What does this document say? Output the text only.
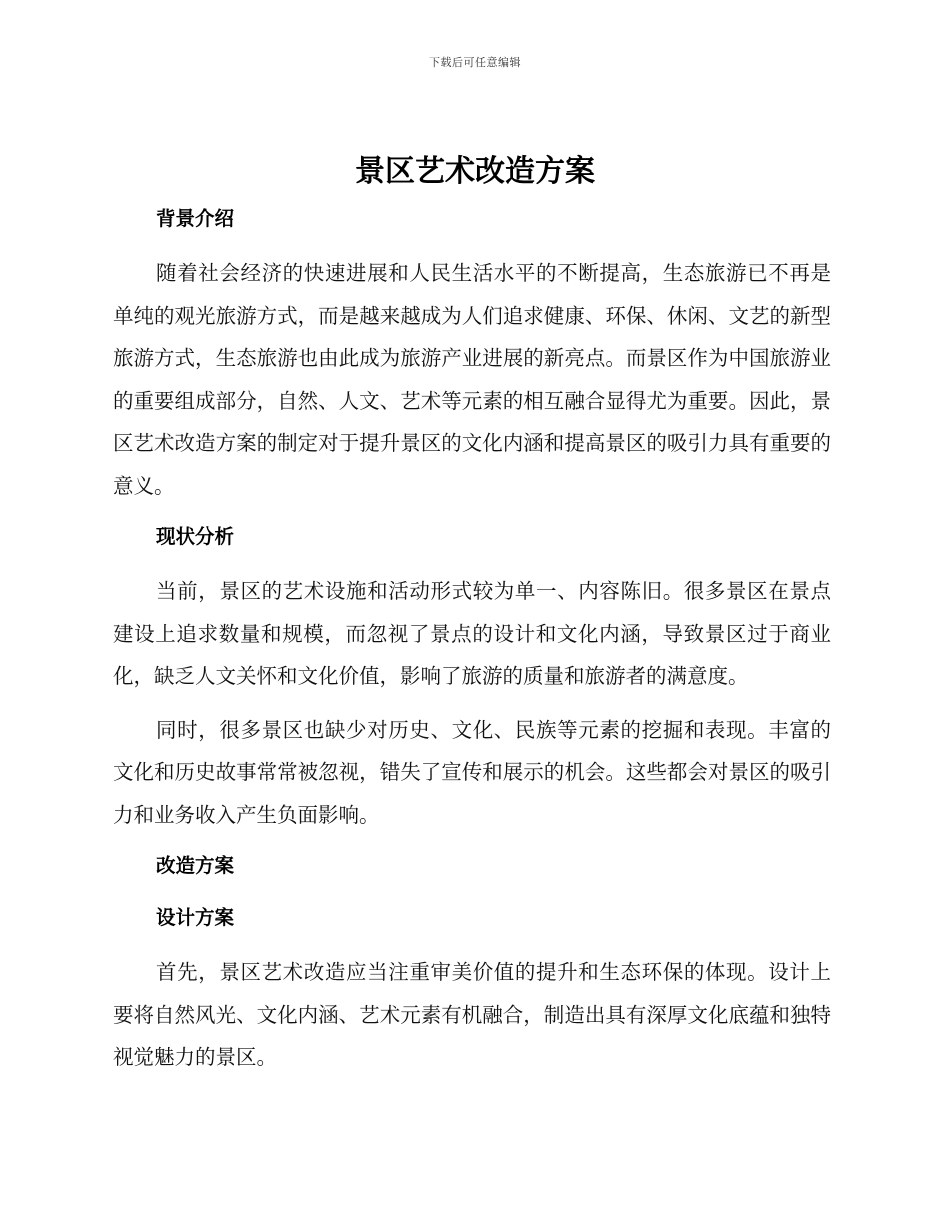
下载后可任意编辑
景区艺术改造方案
背景介绍
随着社会经济的快速进展和人民生活水平的不断提高，生态旅游已不再是单纯的观光旅游方式，而是越来越成为人们追求健康、环保、休闲、文艺的新型旅游方式，生态旅游也由此成为旅游产业进展的新亮点。而景区作为中国旅游业的重要组成部分，自然、人文、艺术等元素的相互融合显得尤为重要。因此，景区艺术改造方案的制定对于提升景区的文化内涵和提高景区的吸引力具有重要的意义。
现状分析
当前，景区的艺术设施和活动形式较为单一、内容陈旧。很多景区在景点建设上追求数量和规模，而忽视了景点的设计和文化内涵，导致景区过于商业化，缺乏人文关怀和文化价值，影响了旅游的质量和旅游者的满意度。
同时，很多景区也缺少对历史、文化、民族等元素的挖掘和表现。丰富的文化和历史故事常常被忽视，错失了宣传和展示的机会。这些都会对景区的吸引力和业务收入产生负面影响。
改造方案
设计方案
首先，景区艺术改造应当注重审美价值的提升和生态环保的体现。设计上要将自然风光、文化内涵、艺术元素有机融合，制造出具有深厚文化底蕴和独特视觉魅力的景区。
